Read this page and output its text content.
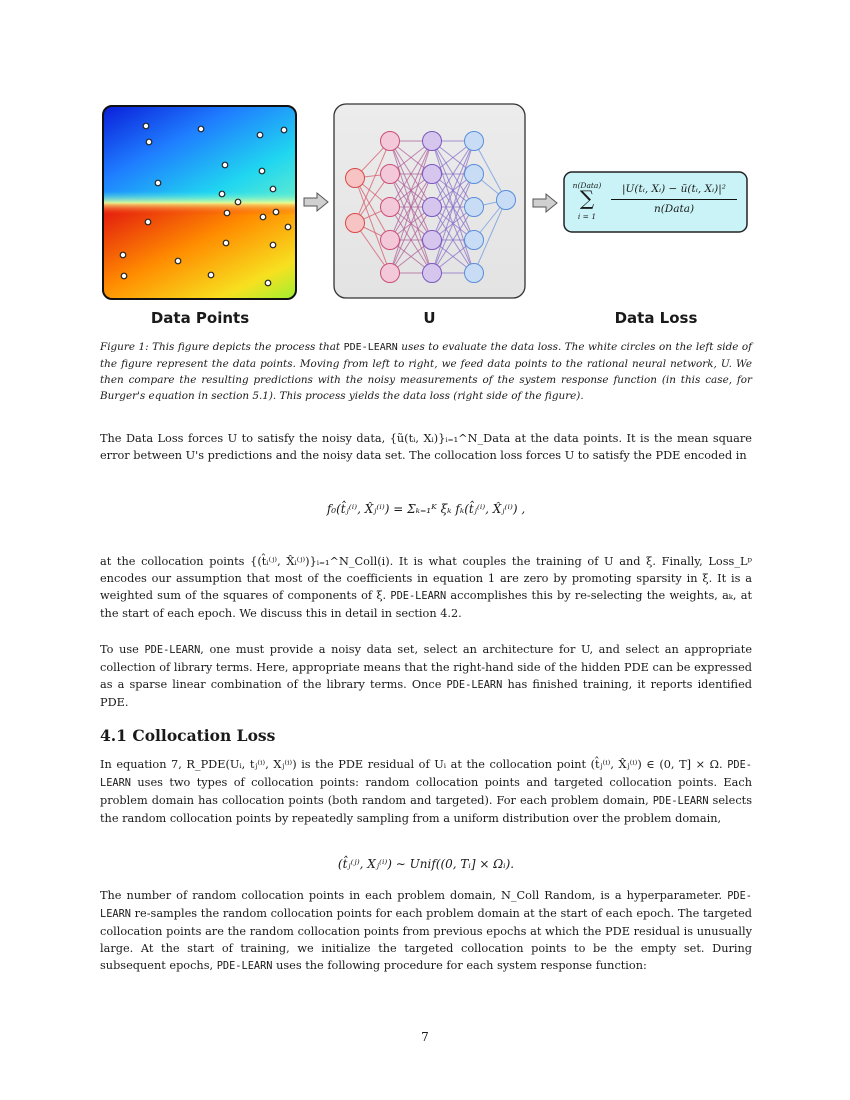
n(Data)
∑
i = 1
|U(tᵢ, Xᵢ) − ũ(tᵢ, Xᵢ)|²
n(Data)
Data Points	U	Data Loss
Figure 1: This figure depicts the process that PDE-LEARN uses to evaluate the data loss. The white circles on the left side of the figure represent the data points. Moving from left to right, we feed data points to the rational neural network, U. We then compare the resulting predictions with the noisy measurements of the system response function (in this case, for Burger's equation in section 5.1). This process yields the data loss (right side of the figure).
The Data Loss forces U to satisfy the noisy data, {ũ(tᵢ, Xᵢ)}ᵢ₌₁^N_Data at the data points. It is the mean square error between U's predictions and the noisy data set. The collocation loss forces U to satisfy the PDE encoded in
f₀(t̂ⱼ⁽ⁱ⁾, X̂ⱼ⁽ⁱ⁾) = Σₖ₌₁ᴷ ξₖ fₖ(t̂ⱼ⁽ⁱ⁾, X̂ⱼ⁽ⁱ⁾) ,
at the collocation points {(t̂ᵢ⁽ʲ⁾, X̂ᵢ⁽ʲ⁾)}ᵢ₌₁^N_Coll(i). It is what couples the training of U and ξ. Finally, Loss_Lᵖ encodes our assumption that most of the coefficients in equation 1 are zero by promoting sparsity in ξ. It is a weighted sum of the squares of components of ξ. PDE-LEARN accomplishes this by re-selecting the weights, aₖ, at the start of each epoch. We discuss this in detail in section 4.2.
To use PDE-LEARN, one must provide a noisy data set, select an architecture for U, and select an appropriate collection of library terms. Here, appropriate means that the right-hand side of the hidden PDE can be expressed as a sparse linear combination of the library terms. Once PDE-LEARN has finished training, it reports identified PDE.
4.1 Collocation Loss
In equation 7, R_PDE(Uᵢ, tⱼ⁽ⁱ⁾, Xⱼ⁽ⁱ⁾) is the PDE residual of Uᵢ at the collocation point (t̂ⱼ⁽ⁱ⁾, X̂ⱼ⁽ⁱ⁾) ∈ (0, T] × Ω. PDE-LEARN uses two types of collocation points: random collocation points and targeted collocation points. Each problem domain has collocation points (both random and targeted). For each problem domain, PDE-LEARN selects the random collocation points by repeatedly sampling from a uniform distribution over the problem domain,
(t̂ⱼ⁽ʲ⁾, Xⱼ⁽ⁱ⁾) ∼ Unif((0, Tᵢ] × Ωᵢ).
The number of random collocation points in each problem domain, N_Coll Random, is a hyperparameter. PDE-LEARN re-samples the random collocation points for each problem domain at the start of each epoch. The targeted collocation points are the random collocation points from previous epochs at which the PDE residual is unusually large. At the start of training, we initialize the targeted collocation points to be the empty set. During subsequent epochs, PDE-LEARN uses the following procedure for each system response function:
7
